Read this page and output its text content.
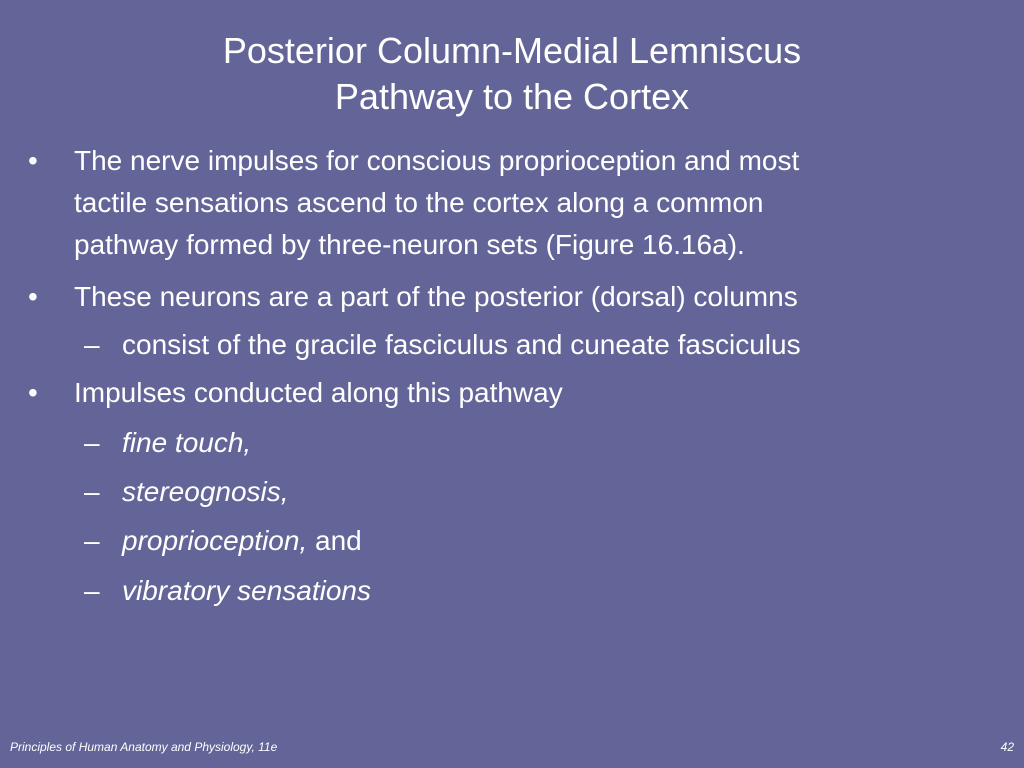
Posterior Column-Medial Lemniscus
Pathway to the Cortex
• The nerve impulses for conscious proprioception and most
tactile sensations ascend to the cortex along a common
pathway formed by three-neuron sets (Figure 16.16a).
• These neurons are a part of the posterior (dorsal) columns
– consist of the gracile fasciculus and cuneate fasciculus
• Impulses conducted along this pathway
– fine touch,
– stereognosis,
– proprioception, and
– vibratory sensations
Principles of Human Anatomy and Physiology, 11e	42
